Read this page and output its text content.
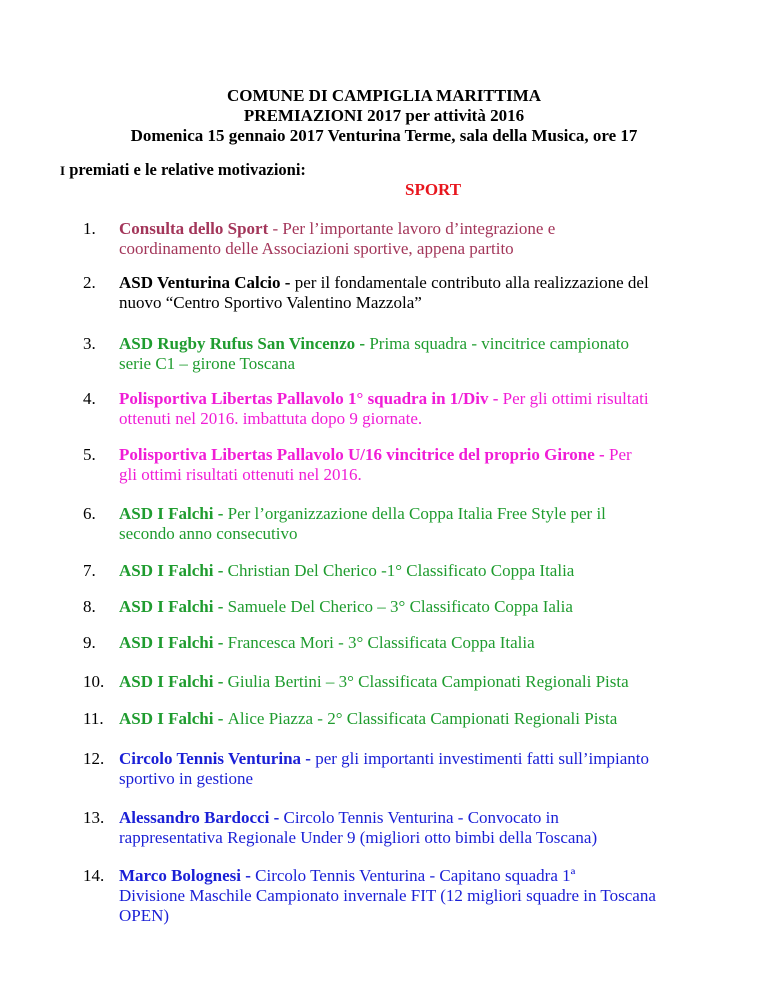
COMUNE DI CAMPIGLIA MARITTIMA
PREMIAZIONI 2017 per attività 2016
Domenica 15 gennaio 2017 Venturina Terme, sala della Musica, ore 17
I premiati e le relative motivazioni:
SPORT
1. Consulta dello Sport - Per l’importante lavoro d’integrazione e
coordinamento delle Associazioni sportive, appena partito
2. ASD Venturina Calcio - per il fondamentale contributo alla realizzazione del
nuovo “Centro Sportivo Valentino Mazzola”
3. ASD Rugby Rufus San Vincenzo - Prima squadra - vincitrice campionato
serie C1 – girone Toscana
4. Polisportiva Libertas Pallavolo 1° squadra in 1/Div - Per gli ottimi risultati
ottenuti nel 2016. imbattuta dopo 9 giornate.
5. Polisportiva Libertas Pallavolo U/16 vincitrice del proprio Girone - Per
gli ottimi risultati ottenuti nel 2016.
6. ASD I Falchi - Per l’organizzazione della Coppa Italia Free Style per il
secondo anno consecutivo
7. ASD I Falchi - Christian Del Cherico -1° Classificato Coppa Italia
8. ASD I Falchi - Samuele Del Cherico – 3° Classificato Coppa Ialia
9. ASD I Falchi - Francesca Mori - 3° Classificata Coppa Italia
10. ASD I Falchi - Giulia Bertini – 3° Classificata Campionati Regionali Pista
11. ASD I Falchi - Alice Piazza - 2° Classificata Campionati Regionali Pista
12. Circolo Tennis Venturina - per gli importanti investimenti fatti sull’impianto
sportivo in gestione
13. Alessandro Bardocci - Circolo Tennis Venturina - Convocato in
rappresentativa Regionale Under 9 (migliori otto bimbi della Toscana)
14. Marco Bolognesi - Circolo Tennis Venturina - Capitano squadra 1ª
Divisione Maschile Campionato invernale FIT (12 migliori squadre in Toscana
OPEN)
